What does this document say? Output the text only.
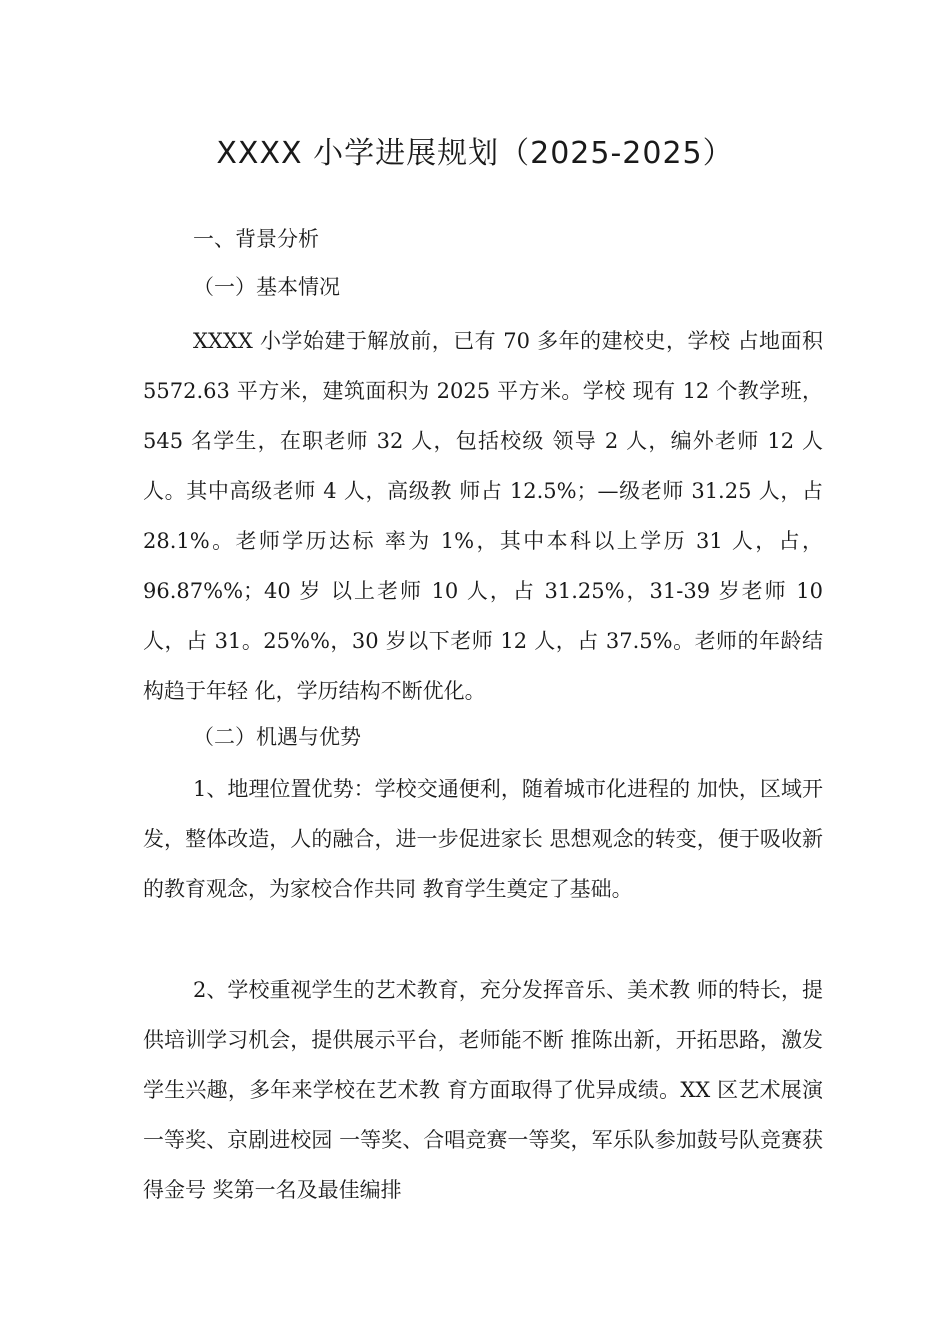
XXXX 小学进展规划（2025-2025）

一、背景分析

（一）基本情况

XXXX 小学始建于解放前，已有 70 多年的建校史，学校 占地面积 5572.63 平方米，建筑面积为 2025 平方米。学校 现有 12 个教学班，545 名学生，在职老师 32 人，包括校级 领导 2 人，编外老师 12 人人。其中高级老师 4 人，高级教 师占 12.5%；—级老师 31.25 人，占 28.1%。老师学历达标 率为 1%，其中本科以上学历 31 人，占，96.87%%；40 岁 以上老师 10 人，占 31.25%，31-39 岁老师 10 人，占 31。25%%，30 岁以下老师 12 人，占 37.5%。老师的年龄结构趋于年轻 化，学历结构不断优化。

（二）机遇与优势

1、地理位置优势：学校交通便利，随着城市化进程的 加快，区域开发，整体改造，人的融合，进一步促进家长 思想观念的转变，便于吸收新的教育观念，为家校合作共同 教育学生奠定了基础。

2、学校重视学生的艺术教育，充分发挥音乐、美术教 师的特长，提供培训学习机会，提供展示平台，老师能不断 推陈出新，开拓思路，激发学生兴趣，多年来学校在艺术教 育方面取得了优异成绩。XX 区艺术展演一等奖、京剧进校园 一等奖、合唱竞赛一等奖，军乐队参加鼓号队竞赛获得金号 奖第一名及最佳编排
